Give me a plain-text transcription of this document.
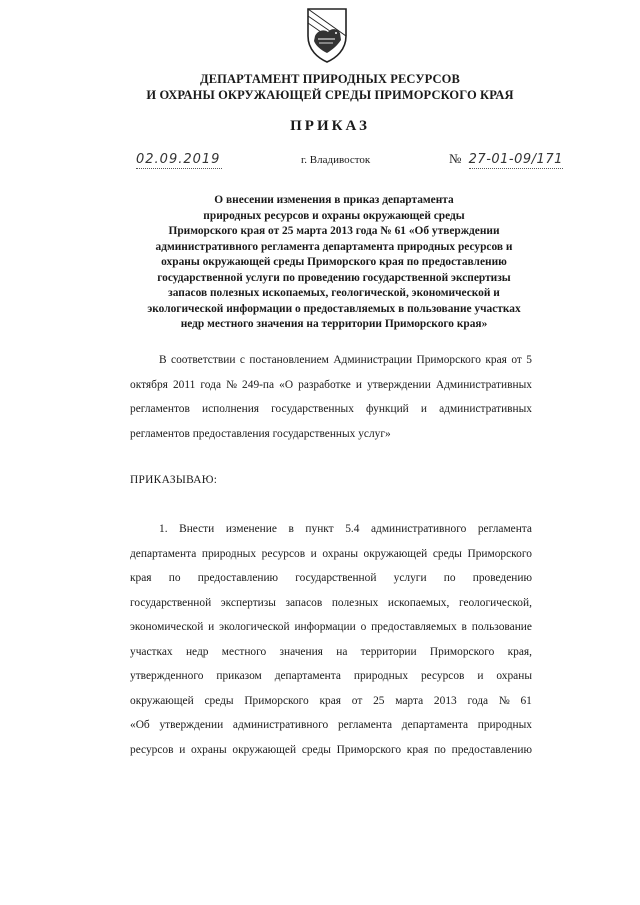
ДЕПАРТАМЕНТ ПРИРОДНЫХ РЕСУРСОВ
И ОХРАНЫ ОКРУЖАЮЩЕЙ СРЕДЫ ПРИМОРСКОГО КРАЯ
ПРИКАЗ
02.09.2019	г. Владивосток	№ 27-01-09/171
О внесении изменения в приказ департамента
природных ресурсов и охраны окружающей среды
Приморского края от 25 марта 2013 года № 61 «Об утверждении
административного регламента департамента природных ресурсов и
охраны окружающей среды Приморского края по предоставлению
государственной услуги по проведению государственной экспертизы
запасов полезных ископаемых, геологической, экономической и
экологической информации о предоставляемых в пользование участках
недр местного значения на территории Приморского края»
В соответствии с постановлением Администрации Приморского края от 5
октября 2011 года № 249-па «О разработке и утверждении Административных
регламентов исполнения государственных функций и административных
регламентов предоставления государственных услуг»
ПРИКАЗЫВАЮ:
1. Внести изменение в пункт 5.4 административного регламента
департамента природных ресурсов и охраны окружающей среды Приморского
края по предоставлению государственной услуги по проведению
государственной экспертизы запасов полезных ископаемых, геологической,
экономической и экологической информации о предоставляемых в пользование
участках недр местного значения на территории Приморского края,
утвержденного приказом департамента природных ресурсов и охраны
окружающей среды Приморского края от 25 марта 2013 года № 61
«Об утверждении административного регламента департамента природных
ресурсов и охраны окружающей среды Приморского края по предоставлению
